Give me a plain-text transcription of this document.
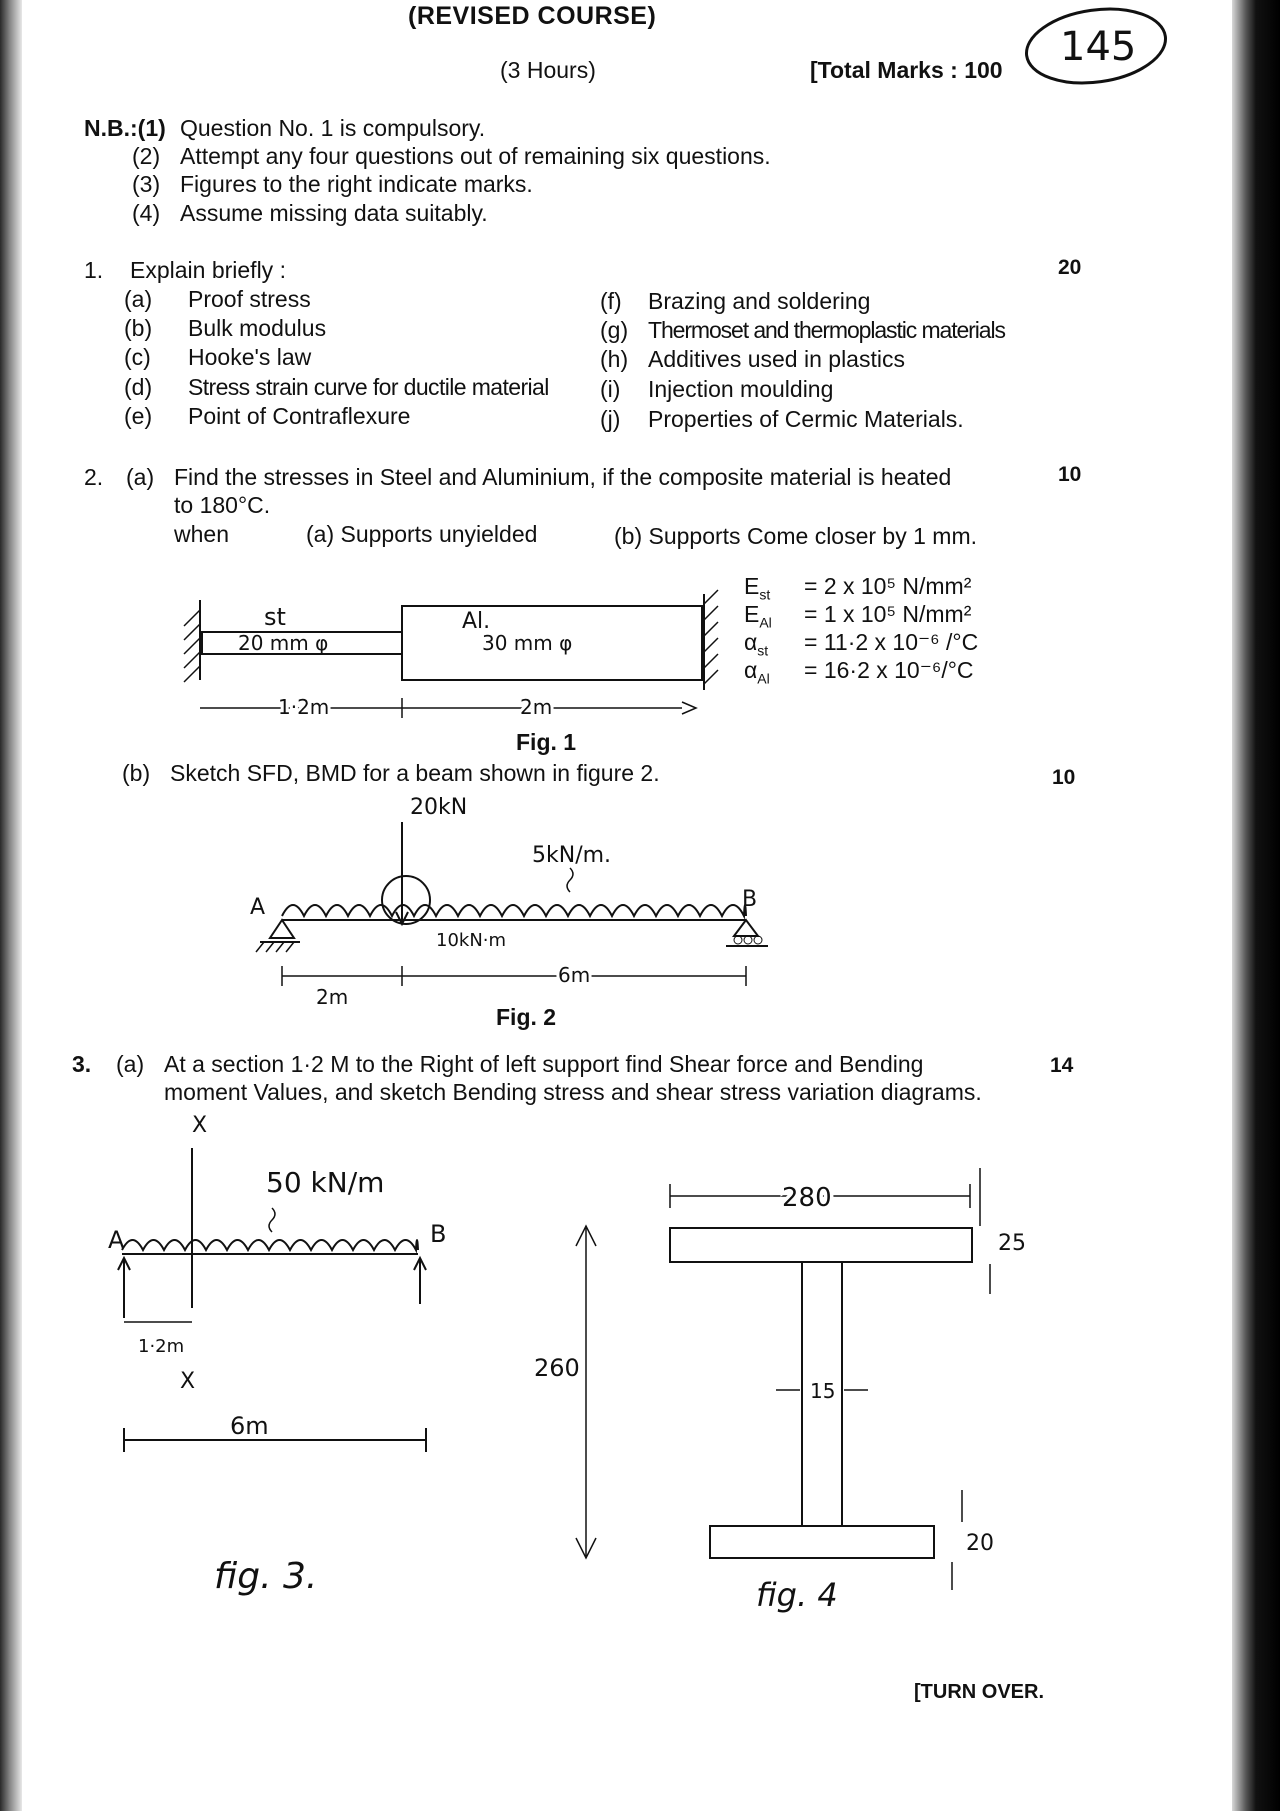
(REVISED COURSE)
(3 Hours)	[Total Marks : 100 145
N.B.:(1) Question No. 1 is compulsory.
(2) Attempt any four questions out of remaining six questions.
(3) Figures to the right indicate marks.
(4) Assume missing data suitably.
1. Explain briefly :	20
(a) Proof stress
(b) Bulk modulus
(c) Hooke's law
(d) Stress strain curve for ductile material
(e) Point of Contraflexure
(f) Brazing and soldering
(g) Thermoset and thermoplastic materials
(h) Additives used in plastics
(i) Injection moulding
(j) Properties of Cermic Materials.
2. (a) Find the stresses in Steel and Aluminium, if the composite material is heated	10
to 180°C.
when	(a) Supports unyielded	(b) Supports Come closer by 1 mm.
$E_{st} = 2$ x 10⁵ N/mm²
$E_{Al} = 1$ x 10⁵ N/mm²
$\alpha_{st} = 11\cdot 2$ x 10⁻⁶ /°C
$\alpha_{Al} = 16\cdot 2$ x 10⁻⁶/°C
st	Al.
20 mm φ	30 mm φ
1·2m	2m
Fig. 1
(b) Sketch SFD, BMD for a beam shown in figure 2.	10
20kN
5kN/m.
10kN·m
A	B
2m
6m
Fig. 2
3. (a) At a section 1·2 M to the Right of left support find Shear force and Bending	14
moment Values, and sketch Bending stress and shear stress variation diagrams.
X
50 kN/m
A	B
1·2m
X
6m
fig. 3.
280
25
260
15
20
fig. 4
[TURN OVER.
